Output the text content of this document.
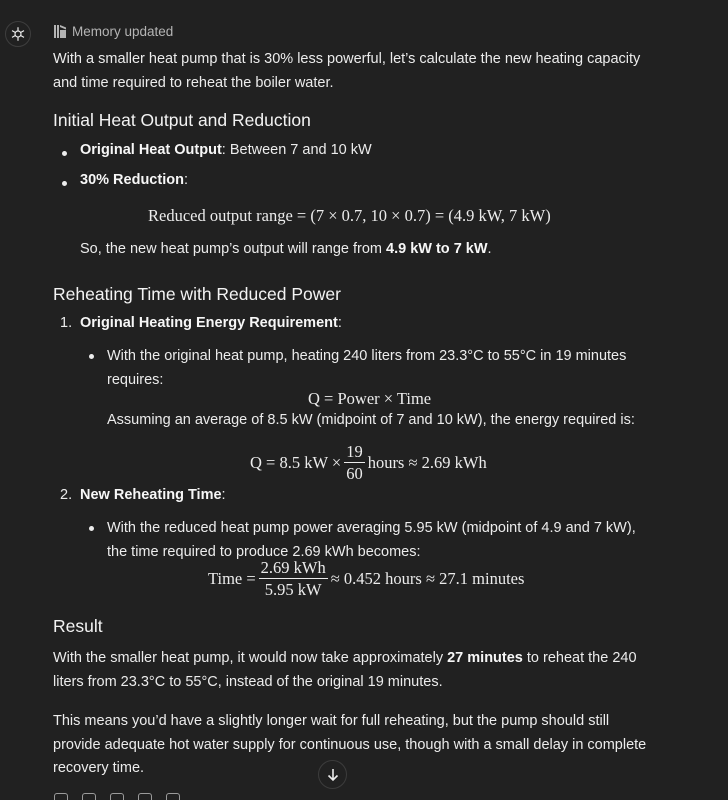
Memory updated

With a smaller heat pump that is 30% less powerful, let’s calculate the new heating capacity and time required to reheat the boiler water.

Initial Heat Output and Reduction
Original Heat Output: Between 7 and 10 kW
30% Reduction:
Reduced output range = (7 × 0.7, 10 × 0.7) = (4.9 kW, 7 kW)

So, the new heat pump’s output will range from 4.9 kW to 7 kW.

Reheating Time with Reduced Power
1. Original Heating Energy Requirement:

With the original heat pump, heating 240 liters from 23.3°C to 55°C in 19 minutes requires:

Q = Power × Time

Assuming an average of 8.5 kW (midpoint of 7 and 10 kW), the energy required is:

Q = 8.5 kW × $\frac{19}{60}$ hours ≈ 2.69 kWh
2. New Reheating Time:

With the reduced heat pump power averaging 5.95 kW (midpoint of 4.9 and 7 kW), the time required to produce 2.69 kWh becomes:

Time = $\frac{\text{2.69 kWh}}{5.95 kW} \approx 0.452$ hours ≈ 27.1 minutes
Result

With the smaller heat pump, it would now take approximately 27 minutes to reheat the 240 liters from 23.3°C to 55°C, instead of the original 19 minutes.

This means you’d have a slightly longer wait for full reheating, but the pump should still provide adequate hot water supply for continuous use, though with a small delay in complete recovery time.
